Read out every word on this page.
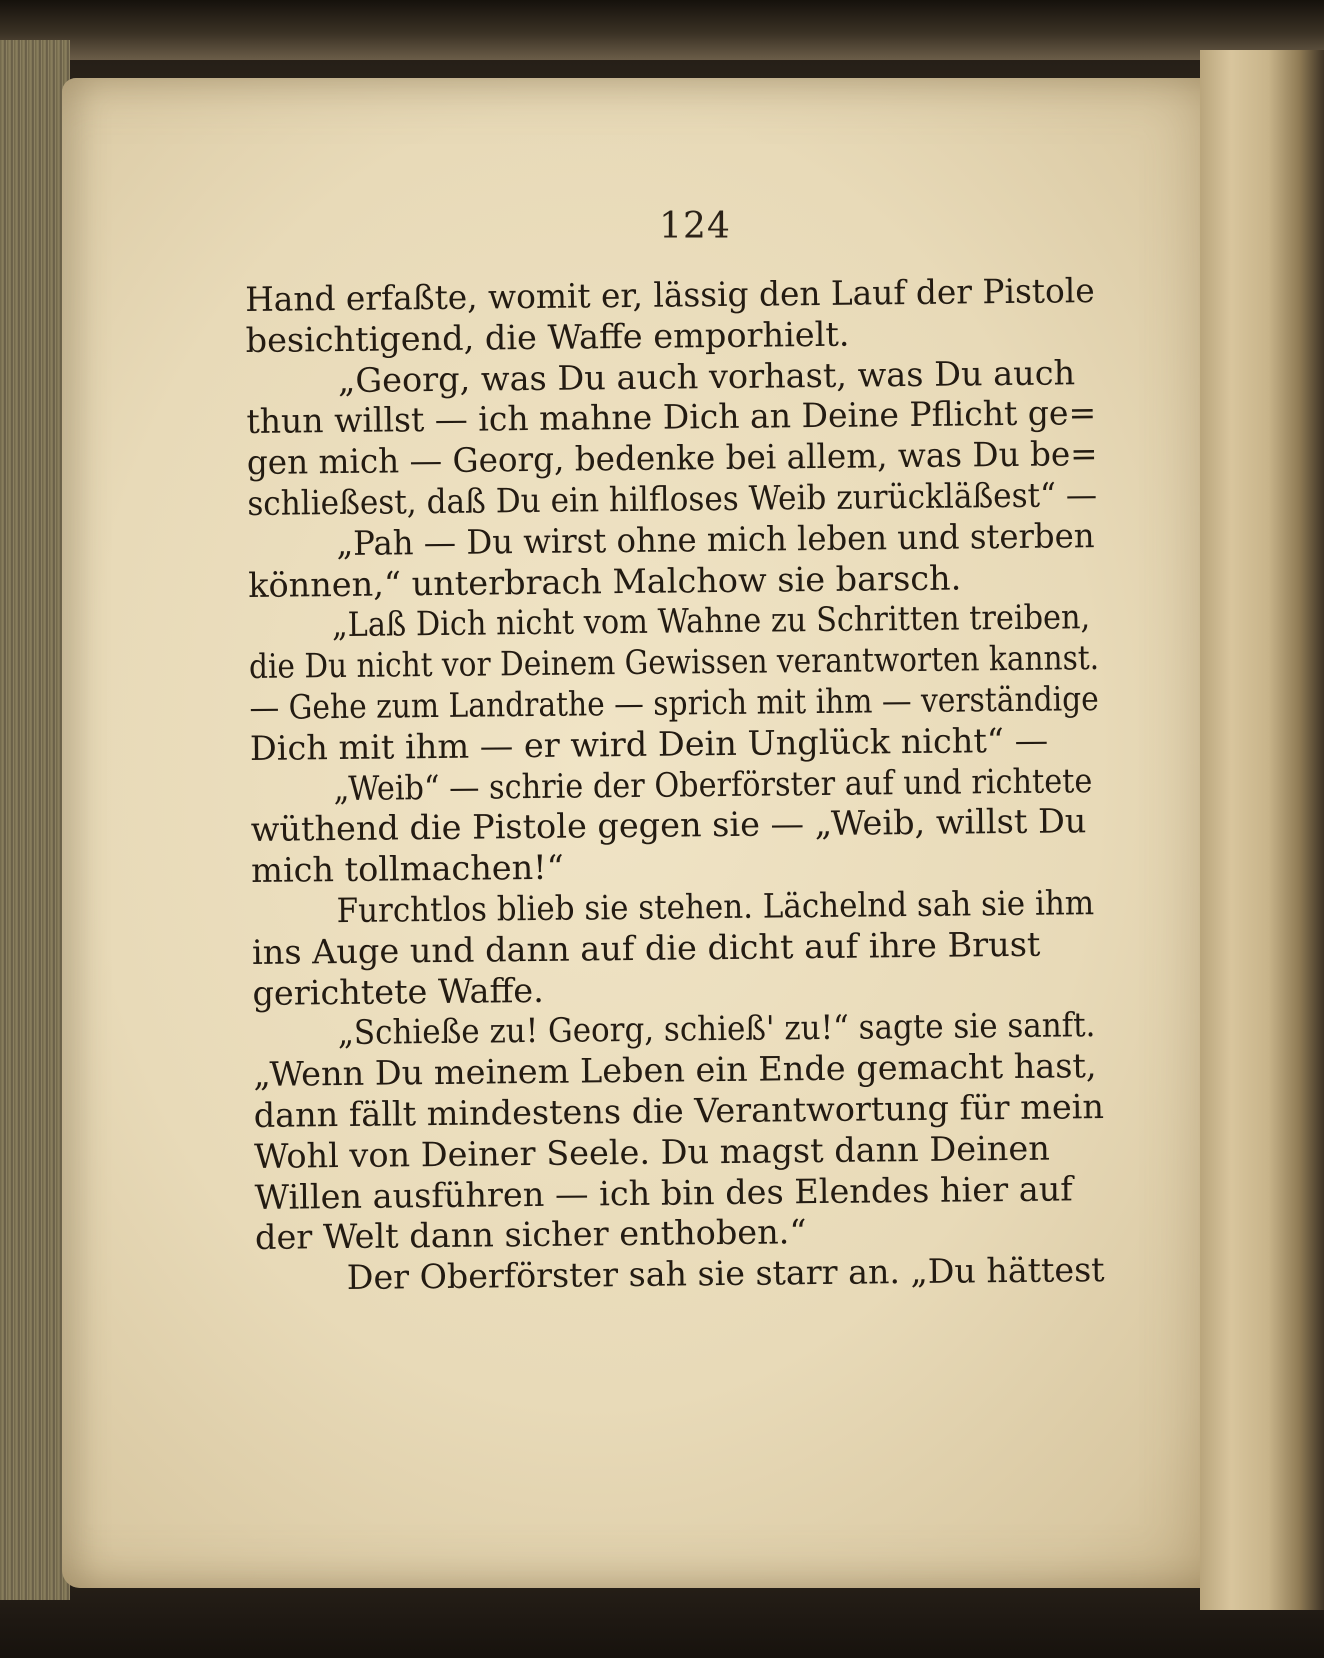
124
Hand erfaßte, womit er, lässig den Lauf der Pistole
besichtigend, die Waffe emporhielt.
„Georg, was Du auch vorhast, was Du auch
thun willst — ich mahne Dich an Deine Pflicht ge=
gen mich — Georg, bedenke bei allem, was Du be=
schließest, daß Du ein hilfloses Weib zurückläßest“ —
„Pah — Du wirst ohne mich leben und sterben
können,“ unterbrach Malchow sie barsch.
„Laß Dich nicht vom Wahne zu Schritten treiben,
die Du nicht vor Deinem Gewissen verantworten kannst.
— Gehe zum Landrathe — sprich mit ihm — verständige
Dich mit ihm — er wird Dein Unglück nicht“ —
„Weib“ — schrie der Oberförster auf und richtete
wüthend die Pistole gegen sie — „Weib, willst Du
mich tollmachen!“
Furchtlos blieb sie stehen. Lächelnd sah sie ihm
ins Auge und dann auf die dicht auf ihre Brust
gerichtete Waffe.
„Schieße zu! Georg, schieß' zu!“ sagte sie sanft.
„Wenn Du meinem Leben ein Ende gemacht hast,
dann fällt mindestens die Verantwortung für mein
Wohl von Deiner Seele. Du magst dann Deinen
Willen ausführen — ich bin des Elendes hier auf
der Welt dann sicher enthoben.“
Der Oberförster sah sie starr an. „Du hättest
